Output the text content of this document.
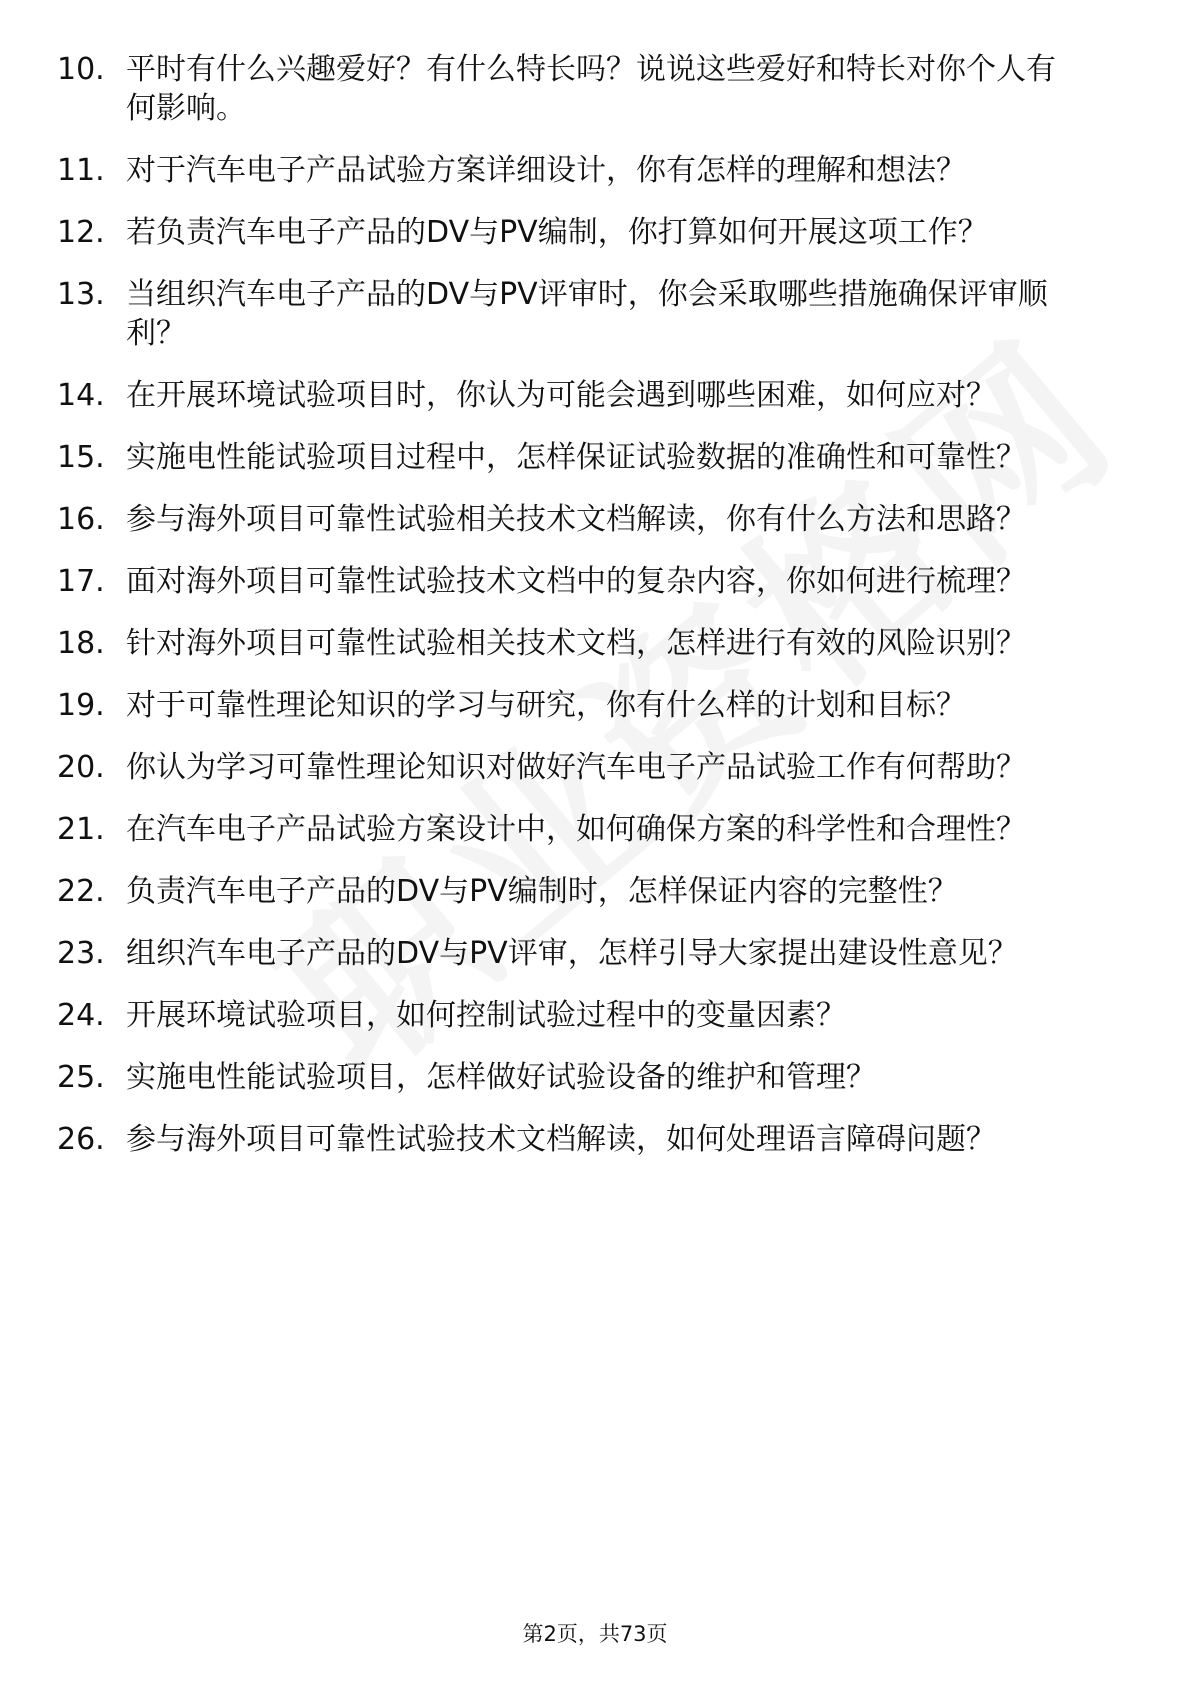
10. 平时有什么兴趣爱好？有什么特长吗？说说这些爱好和特长对你个人有何影响。
11. 对于汽车电子产品试验方案详细设计，你有怎样的理解和想法？
12. 若负责汽车电子产品的DV与PV编制，你打算如何开展这项工作？
13. 当组织汽车电子产品的DV与PV评审时，你会采取哪些措施确保评审顺利？
14. 在开展环境试验项目时，你认为可能会遇到哪些困难，如何应对？
15. 实施电性能试验项目过程中，怎样保证试验数据的准确性和可靠性？
16. 参与海外项目可靠性试验相关技术文档解读，你有什么方法和思路？
17. 面对海外项目可靠性试验技术文档中的复杂内容，你如何进行梳理？
18. 针对海外项目可靠性试验相关技术文档，怎样进行有效的风险识别？
19. 对于可靠性理论知识的学习与研究，你有什么样的计划和目标？
20. 你认为学习可靠性理论知识对做好汽车电子产品试验工作有何帮助？
21. 在汽车电子产品试验方案设计中，如何确保方案的科学性和合理性？
22. 负责汽车电子产品的DV与PV编制时，怎样保证内容的完整性？
23. 组织汽车电子产品的DV与PV评审，怎样引导大家提出建设性意见？
24. 开展环境试验项目，如何控制试验过程中的变量因素？
25. 实施电性能试验项目，怎样做好试验设备的维护和管理？
26. 参与海外项目可靠性试验技术文档解读，如何处理语言障碍问题？
第2页，共73页
